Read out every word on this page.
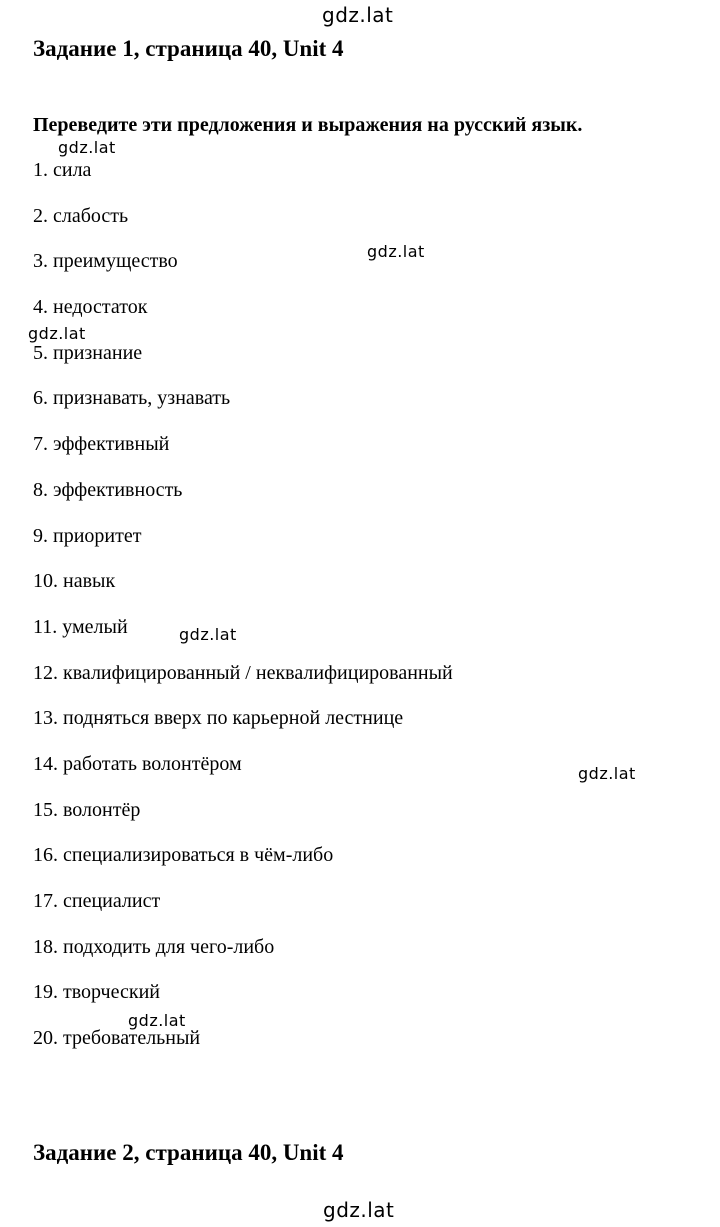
gdz.lat
Задание 1, страница 40, Unit 4

Переведите эти предложения и выражения на русский язык.

gdz.lat
gdz.lat
gdz.lat
gdz.lat
gdz.lat
gdz.lat
1. сила
2. слабость
3. преимущество
4. недостаток
5. признание
6. признавать, узнавать
7. эффективный
8. эффективность
9. приоритет
10. навык
11. умелый
12. квалифицированный / неквалифицированный
13. подняться вверх по карьерной лестнице
14. работать волонтёром
15. волонтёр
16. специализироваться в чём-либо
17. специалист
18. подходить для чего-либо
19. творческий
20. требовательный
Задание 2, страница 40, Unit 4
gdz.lat
